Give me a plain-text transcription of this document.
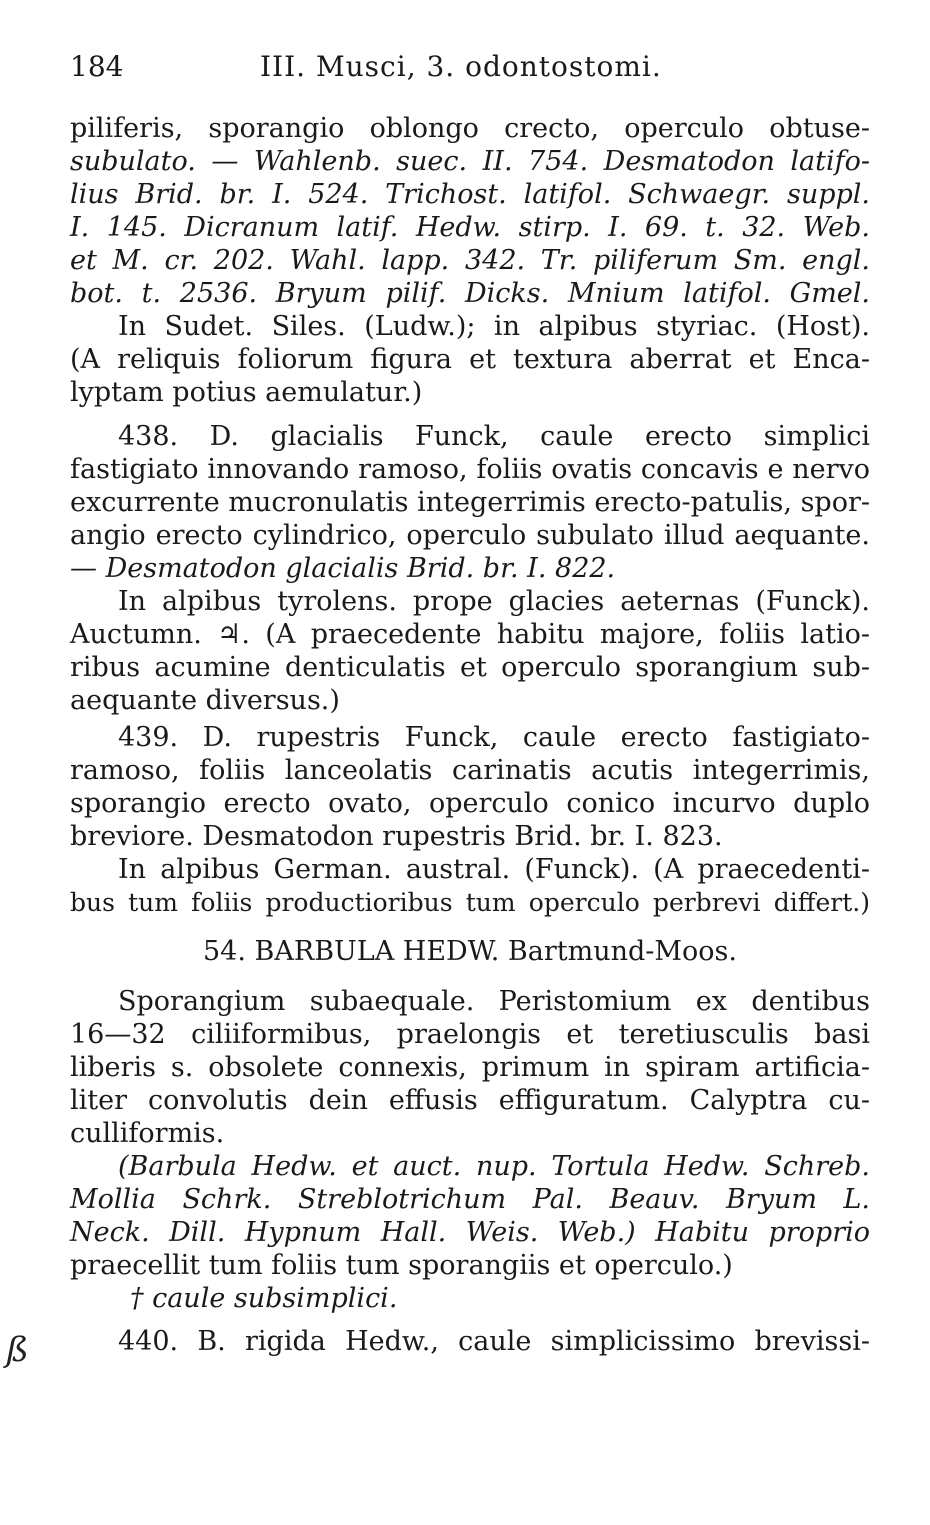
184	III. Musci, 3. odontostomi.
piliferis, sporangio oblongo crecto, operculo obtuse-
subulato. — Wahlenb. suec. II. 754. Desmatodon latifo-
lius Brid. br. I. 524. Trichost. latifol. Schwaegr. suppl.
I. 145. Dicranum latif. Hedw. stirp. I. 69. t. 32. Web.
et M. cr. 202. Wahl. lapp. 342. Tr. piliferum Sm. engl.
bot. t. 2536. Bryum pilif. Dicks. Mnium latifol. Gmel.
In Sudet. Siles. (Ludw.); in alpibus styriac. (Host).
(A reliquis foliorum figura et textura aberrat et Enca-
lyptam potius aemulatur.)
438. D. glacialis Funck, caule erecto simplici
fastigiato innovando ramoso, foliis ovatis concavis e nervo
excurrente mucronulatis integerrimis erecto-patulis, spor-
angio erecto cylindrico, operculo subulato illud aequante.
— Desmatodon glacialis Brid. br. I. 822.
In alpibus tyrolens. prope glacies aeternas (Funck).
Auctumn. ♃. (A praecedente habitu majore, foliis latio-
ribus acumine denticulatis et operculo sporangium sub-
aequante diversus.)
439. D. rupestris Funck, caule erecto fastigiato-
ramoso, foliis lanceolatis carinatis acutis integerrimis,
sporangio erecto ovato, operculo conico incurvo duplo
breviore. Desmatodon rupestris Brid. br. I. 823.
In alpibus German. austral. (Funck). (A praecedenti-
bus tum foliis productioribus tum operculo perbrevi differt.)
54. BARBULA HEDW. Bartmund-Moos.
Sporangium subaequale. Peristomium ex dentibus
16—32 ciliiformibus, praelongis et teretiusculis basi
liberis s. obsolete connexis, primum in spiram artificia-
liter convolutis dein effusis effiguratum. Calyptra cu-
culliformis.
(Barbula Hedw. et auct. nup. Tortula Hedw. Schreb.
Mollia Schrk. Streblotrichum Pal. Beauv. Bryum L.
Neck. Dill. Hypnum Hall. Weis. Web.) Habitu proprio
praecellit tum foliis tum sporangiis et operculo.)
† caule subsimplici.
440. B. rigida Hedw., caule simplicissimo brevissi-
ß
